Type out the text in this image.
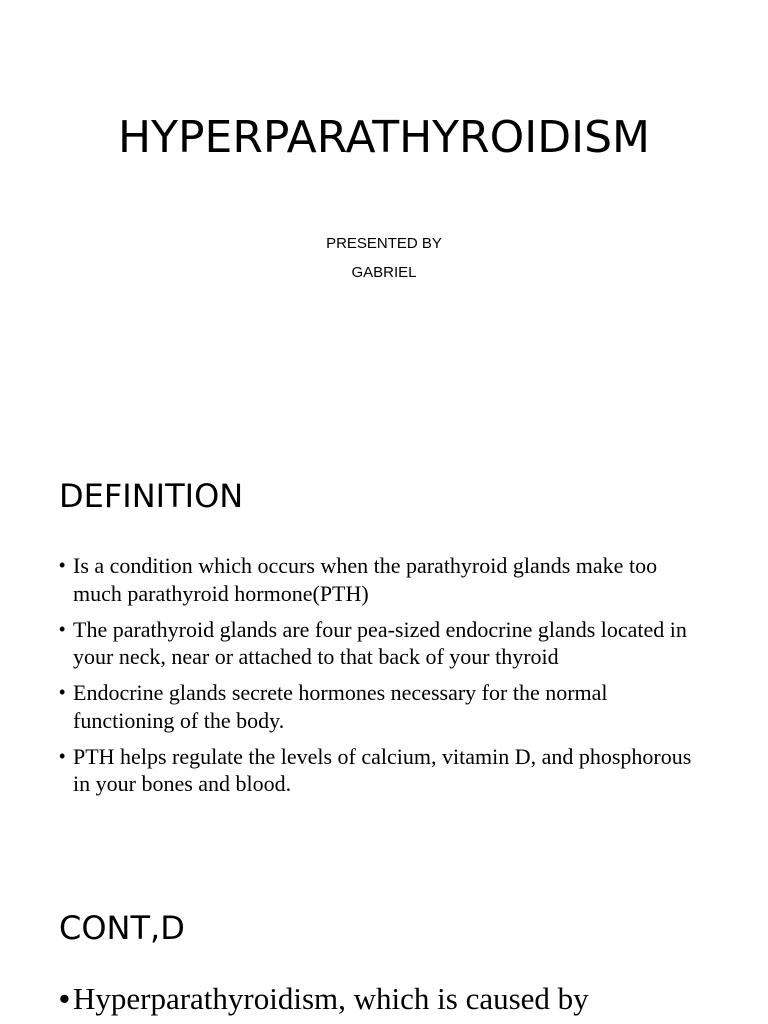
HYPERPARATHYROIDISM
PRESENTED BY
GABRIEL
DEFINITION
• Is a condition which occurs when the parathyroid glands make too much parathyroid hormone(PTH)
• The parathyroid glands are four pea-sized endocrine glands located in your neck, near or attached to that back of your thyroid
• Endocrine glands secrete hormones necessary for the normal functioning of the body.
• PTH helps regulate the levels of calcium, vitamin D, and phosphorous in your bones and blood.
CONT,D
• Hyperparathyroidism, which is caused by
